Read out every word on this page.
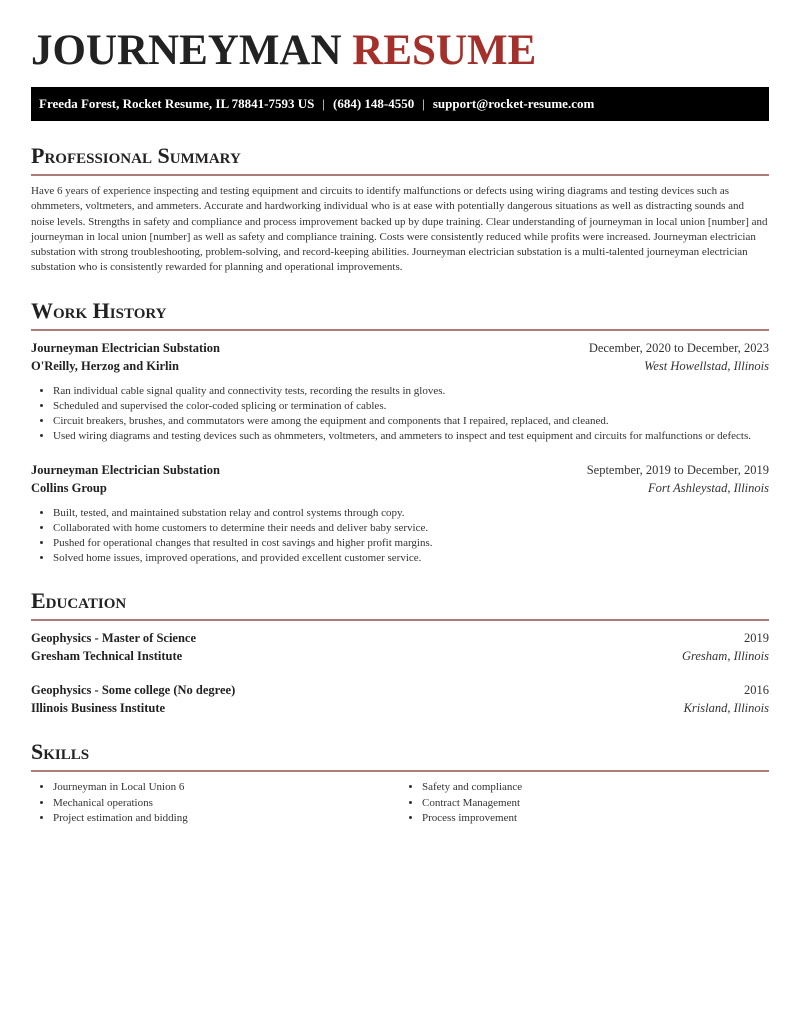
JOURNEYMAN RESUME
Freeda Forest, Rocket Resume, IL 78841-7593 US | (684) 148-4550 | support@rocket-resume.com
Professional Summary

Have 6 years of experience inspecting and testing equipment and circuits to identify malfunctions or defects using wiring diagrams and testing devices such as ohmmeters, voltmeters, and ammeters. Accurate and hardworking individual who is at ease with potentially dangerous situations as well as distracting sounds and noise levels. Strengths in safety and compliance and process improvement backed up by dupe training. Clear understanding of journeyman in local union [number] and journeyman in local union [number] as well as safety and compliance training. Costs were consistently reduced while profits were increased. Journeyman electrician substation with strong troubleshooting, problem-solving, and record-keeping abilities. Journeyman electrician substation is a multi-talented journeyman electrician substation who is consistently rewarded for planning and operational improvements.

Work History
Journeyman Electrician Substation	December, 2020 to December, 2023
O'Reilly, Herzog and Kirlin	West Howellstad, Illinois
• Ran individual cable signal quality and connectivity tests, recording the results in gloves.
• Scheduled and supervised the color-coded splicing or termination of cables.
• Circuit breakers, brushes, and commutators were among the equipment and components that I repaired, replaced, and cleaned.
• Used wiring diagrams and testing devices such as ohmmeters, voltmeters, and ammeters to inspect and test equipment and circuits for malfunctions or defects.
Journeyman Electrician Substation	September, 2019 to December, 2019
Collins Group	Fort Ashleystad, Illinois
• Built, tested, and maintained substation relay and control systems through copy.
• Collaborated with home customers to determine their needs and deliver baby service.
• Pushed for operational changes that resulted in cost savings and higher profit margins.
• Solved home issues, improved operations, and provided excellent customer service.
Education
Geophysics - Master of Science	2019
Gresham Technical Institute	Gresham, Illinois
Geophysics - Some college (No degree)	2016
Illinois Business Institute	Krisland, Illinois
Skills
• Journeyman in Local Union 6
• Mechanical operations
• Project estimation and bidding
• Safety and compliance
• Contract Management
• Process improvement
